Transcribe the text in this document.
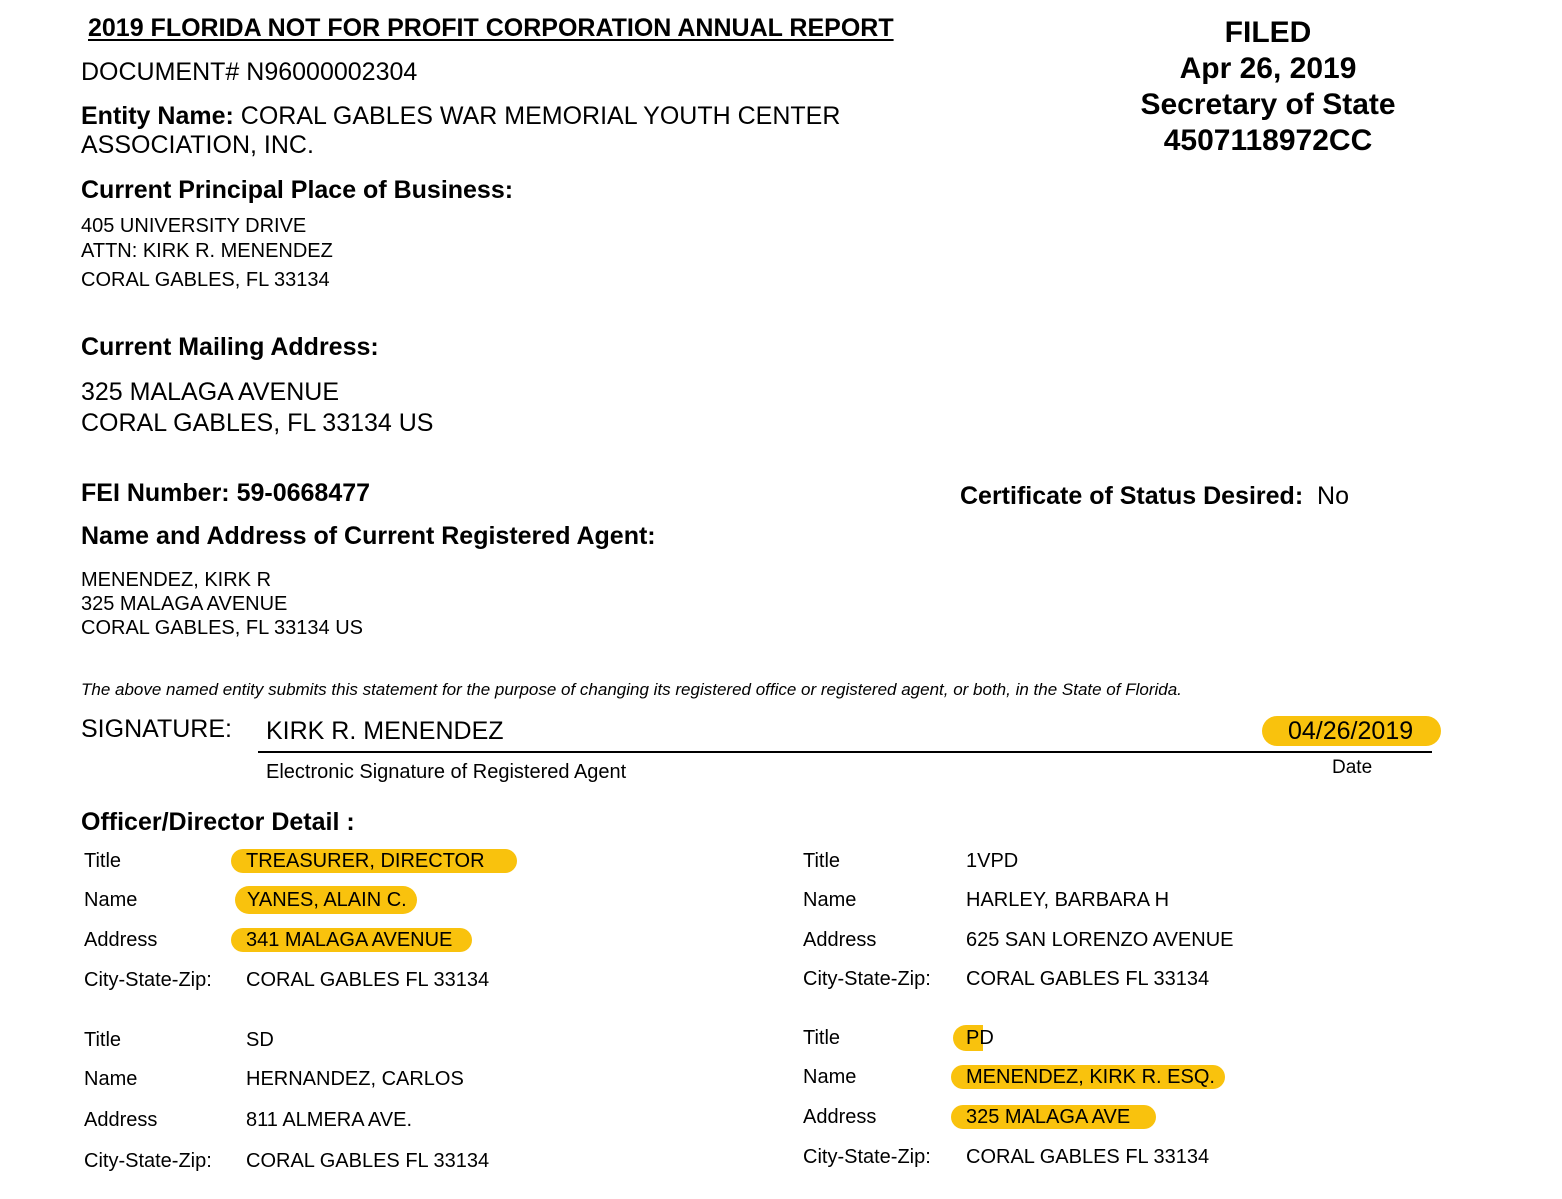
2019 FLORIDA NOT FOR PROFIT CORPORATION ANNUAL REPORT
DOCUMENT# N96000002304
Entity Name: CORAL GABLES WAR MEMORIAL YOUTH CENTER
ASSOCIATION, INC.
FILED
Apr 26, 2019
Secretary of State
4507118972CC
Current Principal Place of Business:
405 UNIVERSITY DRIVE
ATTN: KIRK R. MENENDEZ
CORAL GABLES, FL 33134
Current Mailing Address:
325 MALAGA AVENUE
CORAL GABLES, FL 33134 US
FEI Number: 59-0668477	Certificate of Status Desired: No
Name and Address of Current Registered Agent:
MENENDEZ, KIRK R
325 MALAGA AVENUE
CORAL GABLES, FL 33134 US
The above named entity submits this statement for the purpose of changing its registered office or registered agent, or both, in the State of Florida.
SIGNATURE: KIRK R. MENENDEZ	04/26/2019
Electronic Signature of Registered Agent	Date
Officer/Director Detail :
Title	TREASURER, DIRECTOR
Name	YANES, ALAIN C.
Address	341 MALAGA AVENUE
City-State-Zip: CORAL GABLES FL 33134
Title	1VPD
Name	HARLEY, BARBARA H
Address	625 SAN LORENZO AVENUE
City-State-Zip: CORAL GABLES FL 33134
Title	SD
Name	HERNANDEZ, CARLOS
Address	811 ALMERA AVE.
City-State-Zip: CORAL GABLES FL 33134
Title	PD
Name	MENENDEZ, KIRK R. ESQ.
Address	325 MALAGA AVE
City-State-Zip: CORAL GABLES FL 33134
